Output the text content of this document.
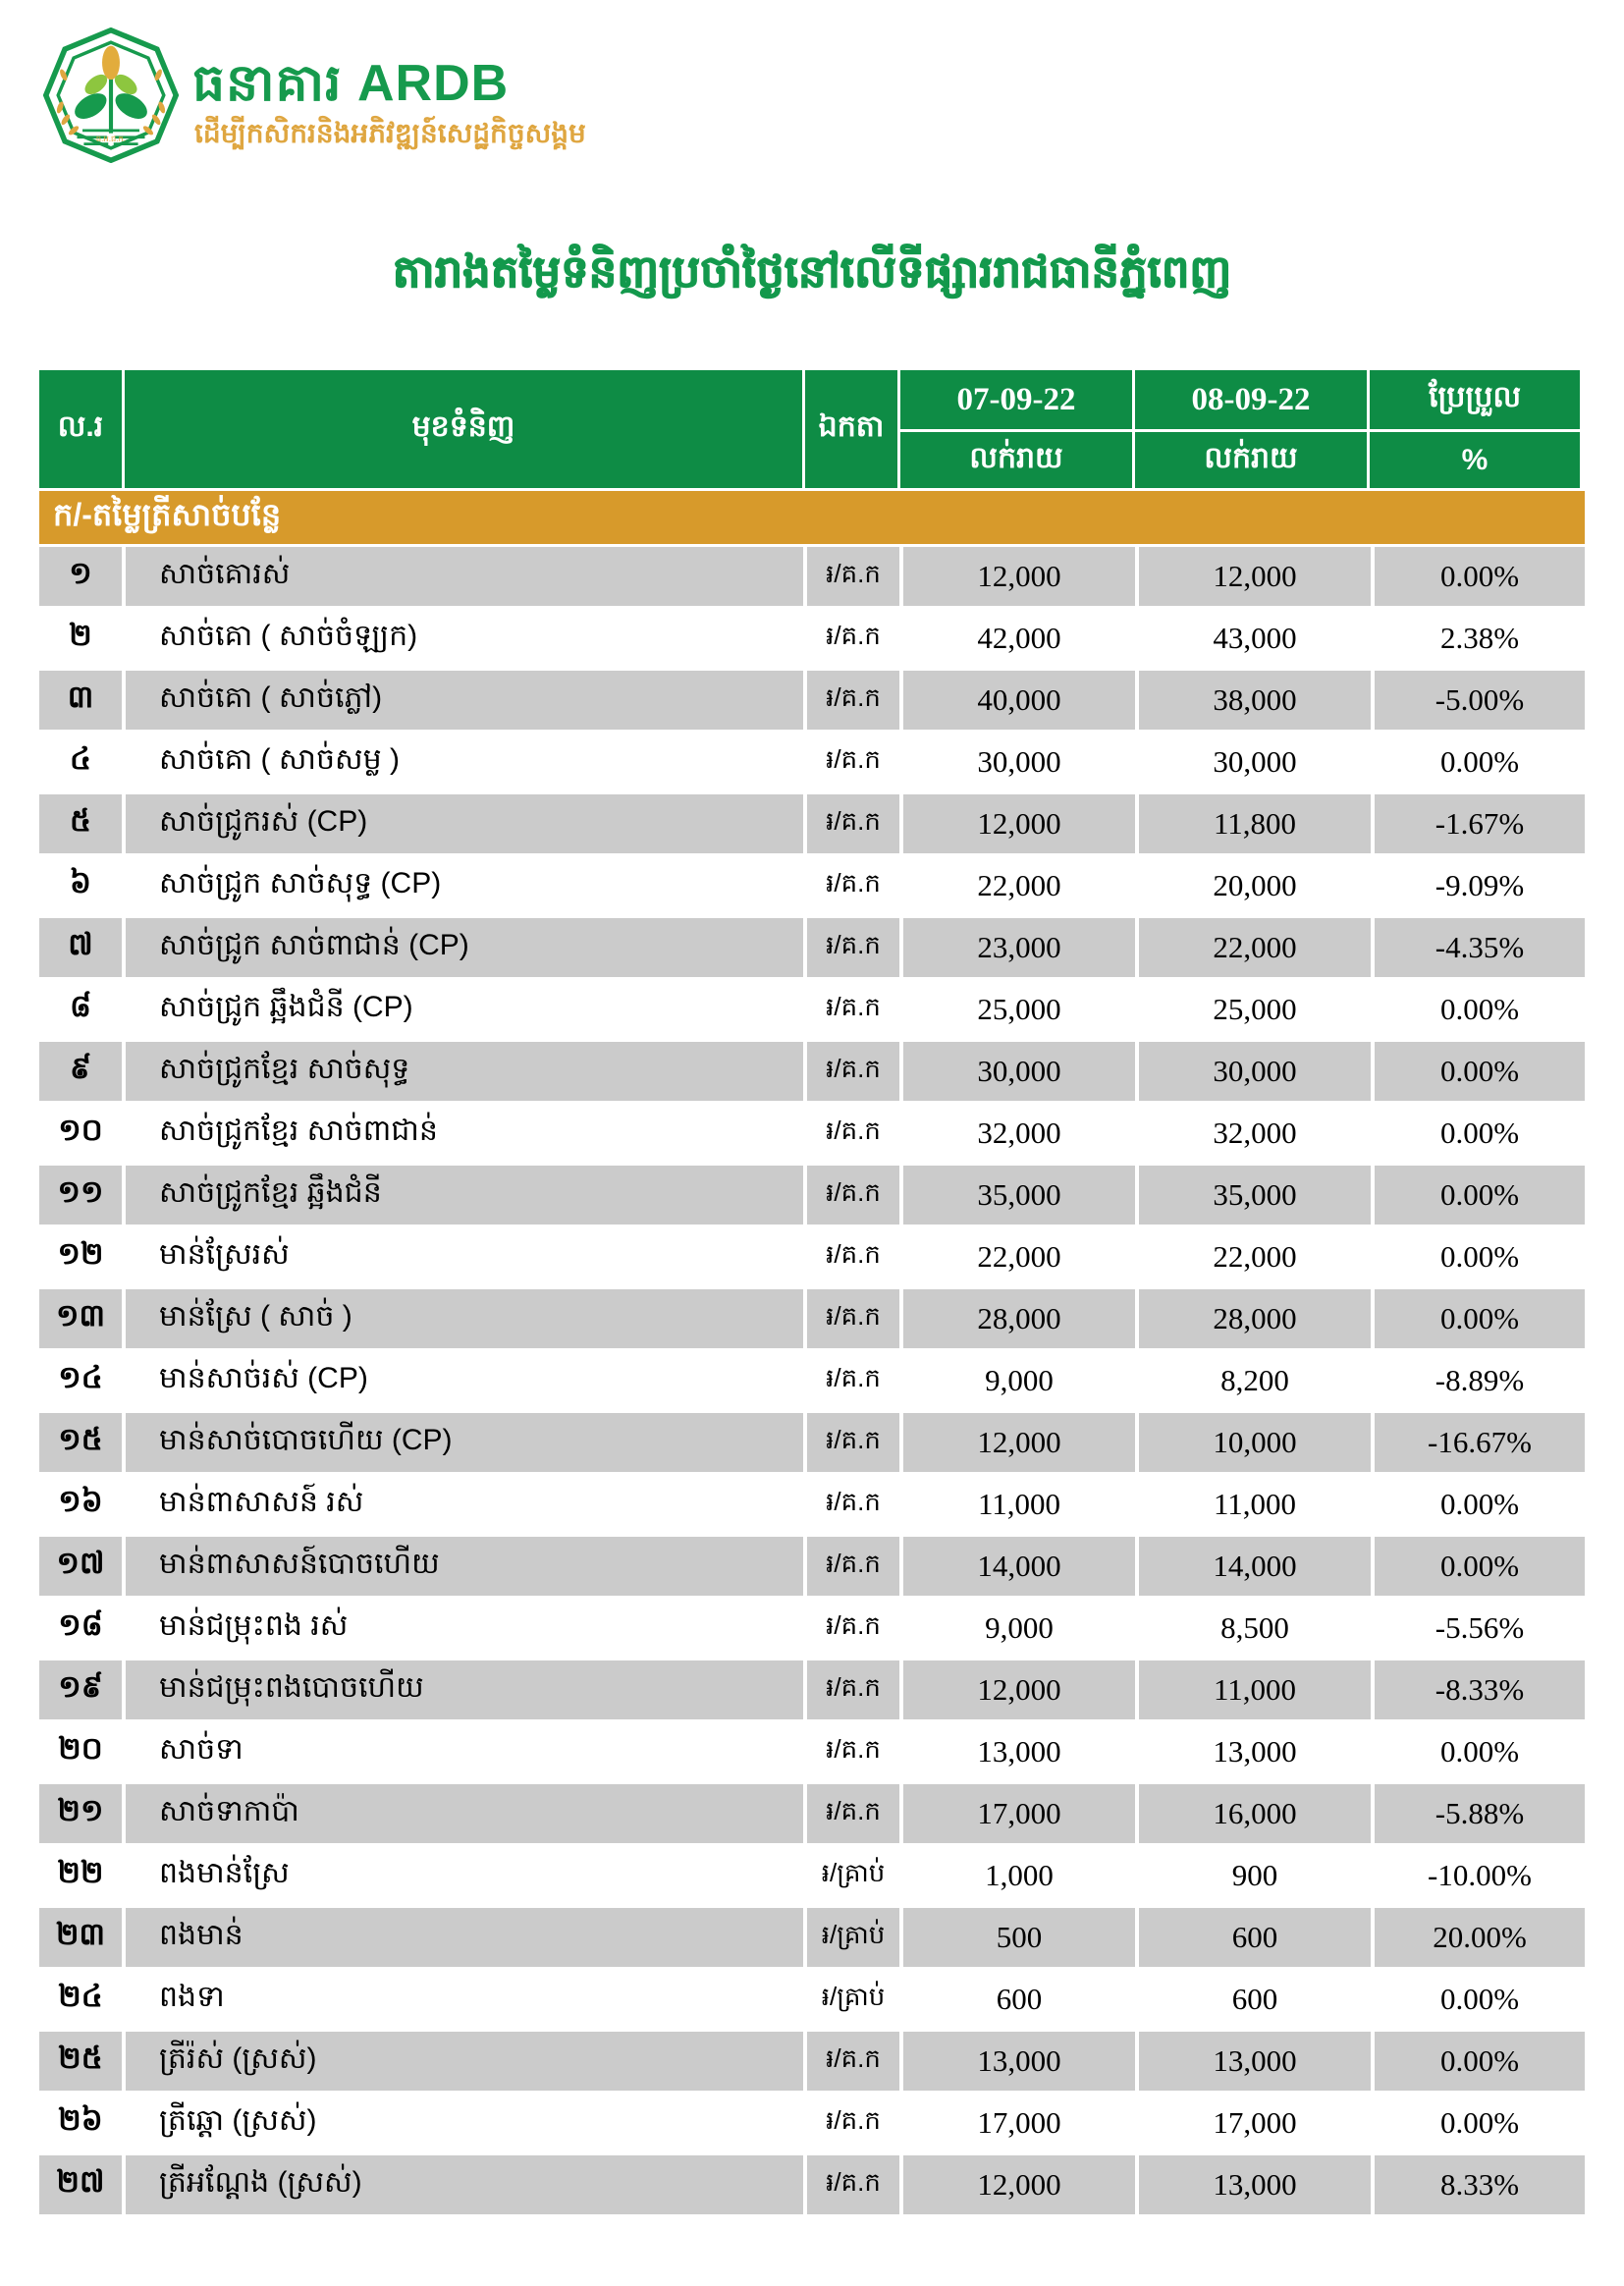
ធ.អ.ជ.ក.
ធនាគារ ARDB
ដើម្បីកសិករនិងអភិវឌ្ឍន៍សេដ្ឋកិច្ចសង្គម
តារាងតម្លៃទំនិញប្រចាំថ្ងៃនៅលើទីផ្សាររាជធានីភ្នំពេញ
ល.រ	មុខទំនិញ	ឯកតា
07-09-22	08-09-22	ប្រែប្រួល
លក់រាយ	លក់រាយ	%
ក/-តម្លៃត្រីសាច់បន្លែ
១	សាច់គោរស់	៛/គ.ក	12,000	12,000	0.00%
២	សាច់គោ ( សាច់ចំឡ្យក)	៛/គ.ក	42,000	43,000	2.38%
៣	សាច់គោ ( សាច់ភ្លៅ)	៛/គ.ក	40,000	38,000	-5.00%
៤	សាច់គោ ( សាច់សម្ល )	៛/គ.ក	30,000	30,000	0.00%
៥	សាច់ជ្រូករស់ (CP)	៛/គ.ក	12,000	11,800	-1.67%
៦	សាច់ជ្រូក សាច់សុទ្ធ (CP)	៛/គ.ក	22,000	20,000	-9.09%
៧	សាច់ជ្រូក សាច់ពាជាន់ (CP)	៛/គ.ក	23,000	22,000	-4.35%
៨	សាច់ជ្រូក ឆ្អឹងជំនី (CP)	៛/គ.ក	25,000	25,000	0.00%
៩	សាច់ជ្រូកខ្មែរ សាច់សុទ្ធ	៛/គ.ក	30,000	30,000	0.00%
១០	សាច់ជ្រូកខ្មែរ សាច់ពាជាន់	៛/គ.ក	32,000	32,000	0.00%
១១	សាច់ជ្រូកខ្មែរ ឆ្អឹងជំនី	៛/គ.ក	35,000	35,000	0.00%
១២	មាន់ស្រែរស់	៛/គ.ក	22,000	22,000	0.00%
១៣	មាន់ស្រែ ( សាច់ )	៛/គ.ក	28,000	28,000	0.00%
១៤	មាន់សាច់រស់ (CP)	៛/គ.ក	9,000	8,200	-8.89%
១៥	មាន់សាច់បោចហើយ (CP)	៛/គ.ក	12,000	10,000	-16.67%
១៦	មាន់ពាសាសន៍ រស់	៛/គ.ក	11,000	11,000	0.00%
១៧	មាន់ពាសាសន៍បោចហើយ	៛/គ.ក	14,000	14,000	0.00%
១៨	មាន់ជម្រុះពង រស់	៛/គ.ក	9,000	8,500	-5.56%
១៩	មាន់ជម្រុះពងបោចហើយ	៛/គ.ក	12,000	11,000	-8.33%
២០	សាច់ទា	៛/គ.ក	13,000	13,000	0.00%
២១	សាច់ទាកាប៉ា	៛/គ.ក	17,000	16,000	-5.88%
២២	ពងមាន់ស្រែ	៛/គ្រាប់	1,000	900	-10.00%
២៣	ពងមាន់	៛/គ្រាប់	500	600	20.00%
២៤	ពងទា	៛/គ្រាប់	600	600	0.00%
២៥	ត្រីរ៉ស់ (ស្រស់)	៛/គ.ក	13,000	13,000	0.00%
២៦	ត្រីឆ្ដោ (ស្រស់)	៛/គ.ក	17,000	17,000	0.00%
២៧	ត្រីអណ្ដែង (ស្រស់)	៛/គ.ក	12,000	13,000	8.33%
